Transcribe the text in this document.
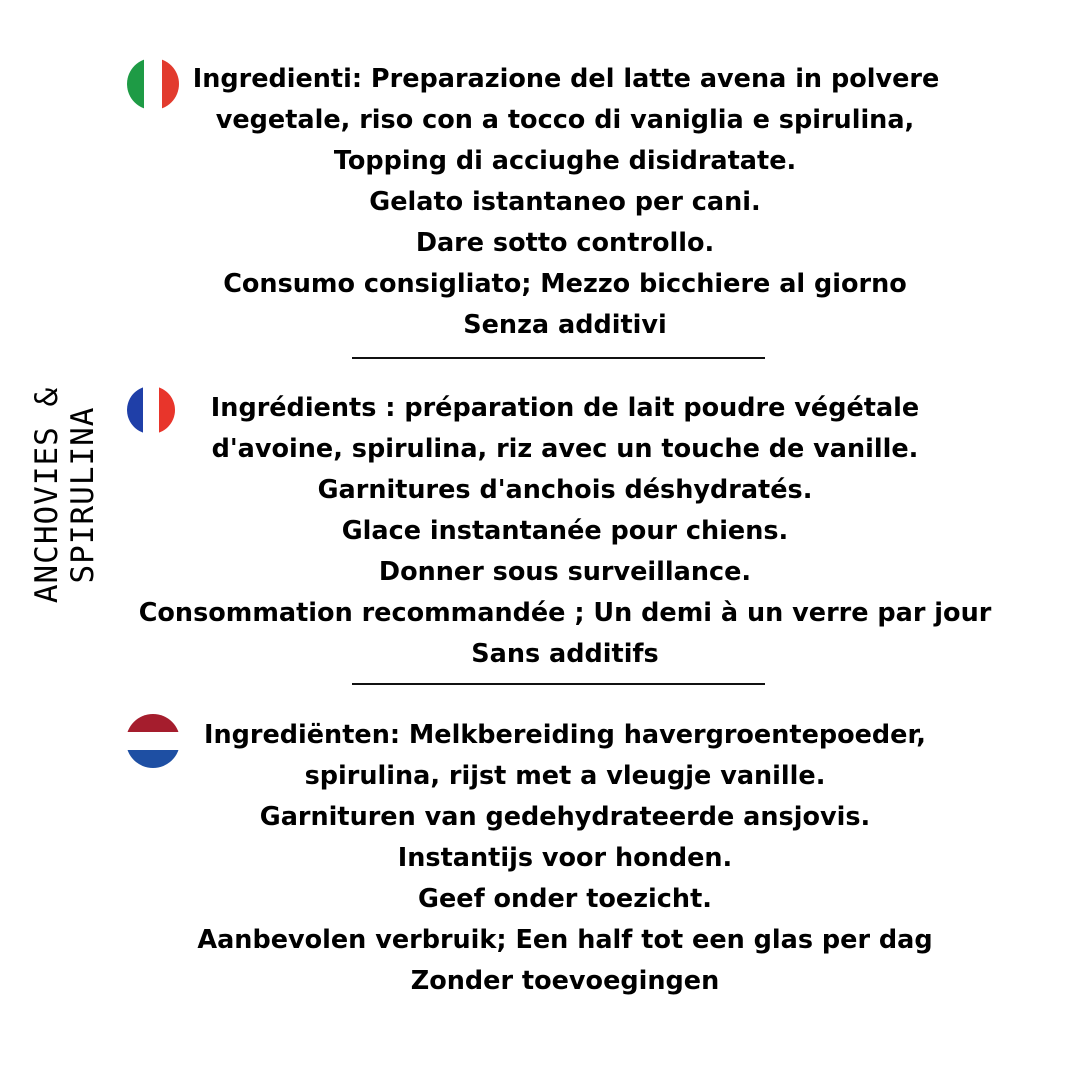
ANCHOVIES & SPIRULINA

Ingredienti: Preparazione del latte avena in polvere

vegetale, riso con a tocco di vaniglia e spirulina,

Topping di acciughe disidratate.

Gelato istantaneo per cani.

Dare sotto controllo.

Consumo consigliato; Mezzo bicchiere al giorno

Senza additivi

Ingrédients : préparation de lait poudre végétale

d'avoine, spirulina, riz avec un touche de vanille.

Garnitures d'anchois déshydratés.

Glace instantanée pour chiens.

Donner sous surveillance.

Consommation recommandée ; Un demi à un verre par jour

Sans additifs

Ingrediënten: Melkbereiding havergroentepoeder,

spirulina, rijst met a vleugje vanille.

Garnituren van gedehydrateerde ansjovis.

Instantijs voor honden.

Geef onder toezicht.

Aanbevolen verbruik; Een half tot een glas per dag

Zonder toevoegingen
